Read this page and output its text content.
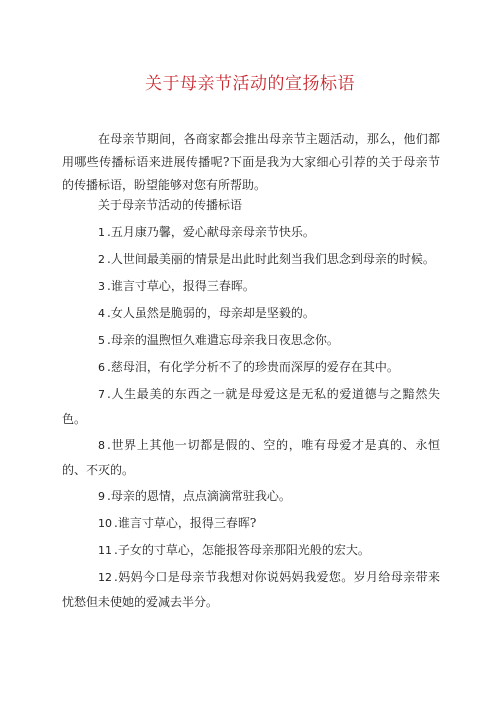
关于母亲节活动的宣扬标语

在母亲节期间，各商家都会推出母亲节主题活动，那么，他们都用哪些传播标语来进展传播呢?下面是我为大家细心引荐的关于母亲节的传播标语，盼望能够对您有所帮助。

关于母亲节活动的传播标语
1 .五月康乃馨，爱心献母亲母亲节快乐。
2 .人世间最美丽的情景是出此时此刻当我们思念到母亲的时候。
3 .谁言寸草心，报得三春晖。
4 .女人虽然是脆弱的，母亲却是坚毅的。
5 .母亲的温煦恒久难遣忘母亲我日夜思念你。
6 .慈母泪，有化学分析不了的珍贵而深厚的爱存在其中。
7 .人生最美的东西之一就是母爱这是无私的爱道德与之黯然失色。
8 .世界上其他一切都是假的、空的，唯有母爱才是真的、永恒的、不灭的。
9 .母亲的恩情，点点滴滴常驻我心。
10 .谁言寸草心，报得三春晖?
11 .子女的寸草心，怎能报答母亲那阳光般的宏大。
12 .妈妈今口是母亲节我想对你说妈妈我爱您。岁月给母亲带来忧愁但未使她的爱减去半分。
